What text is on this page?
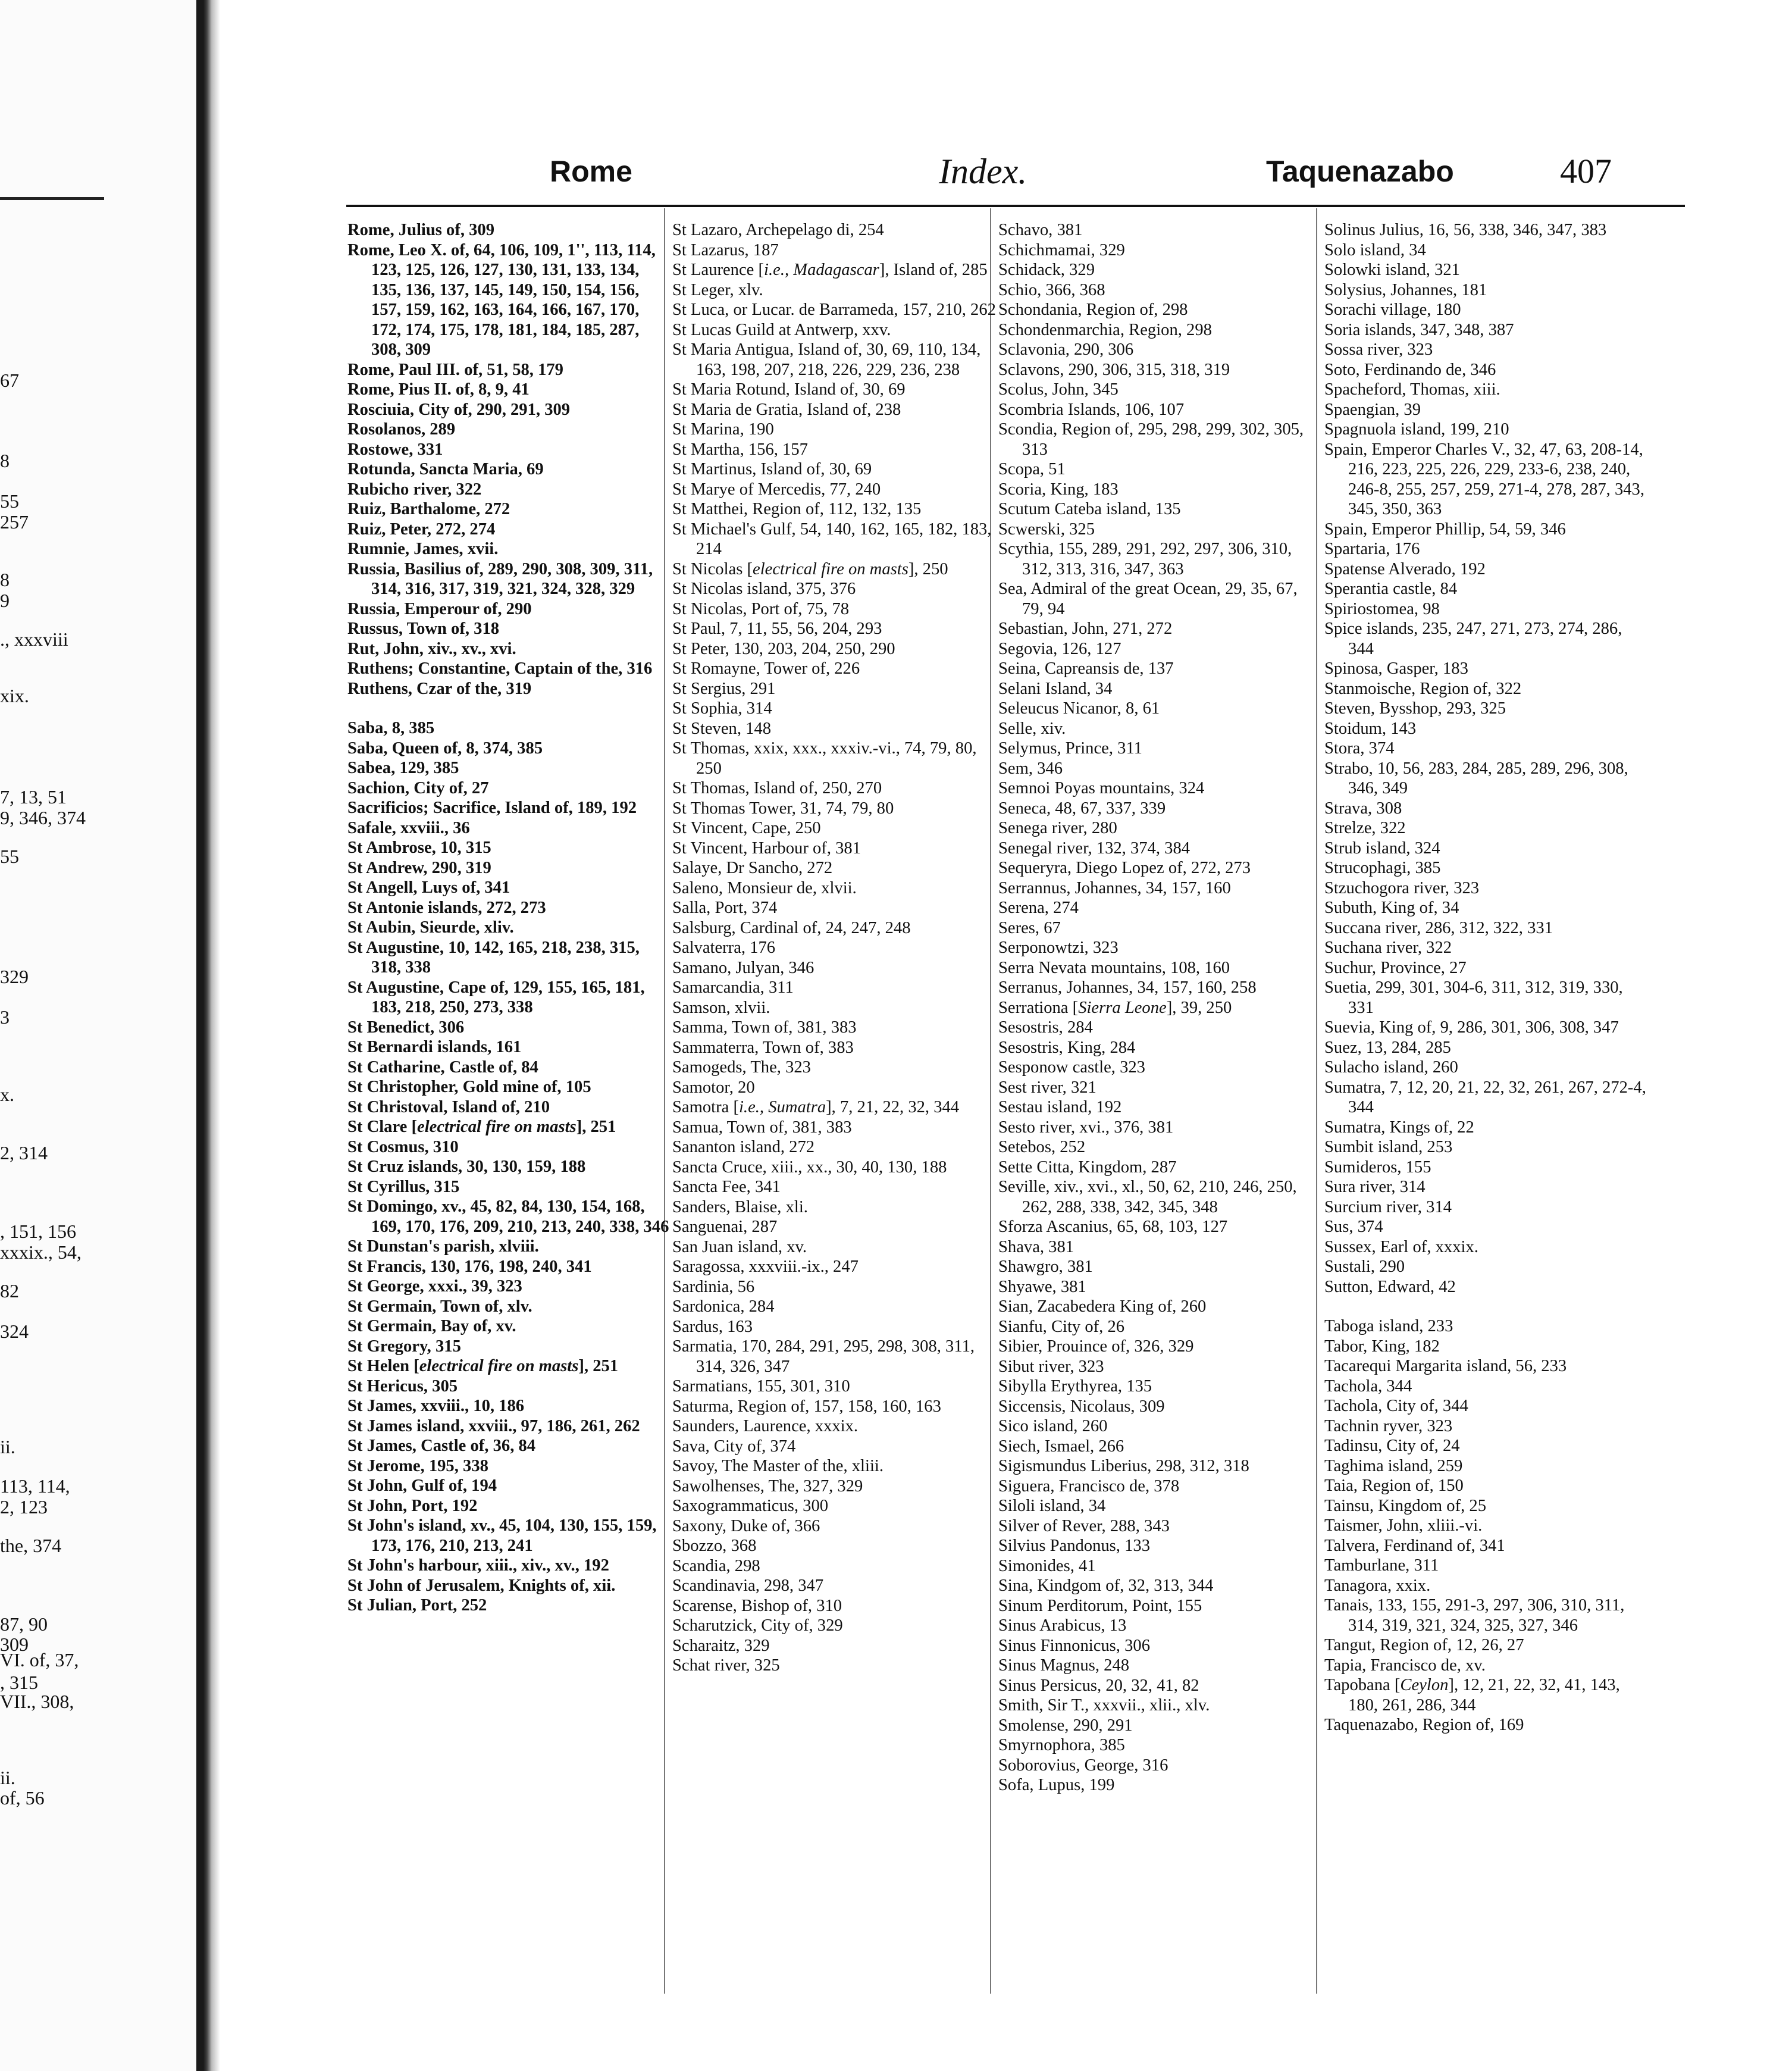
67
8
55
257
8
9
., xxxviii
xix.
7, 13, 51
9, 346, 374
55
329
3
x.
2, 314
, 151, 156
xxxix., 54,
82
324
ii.
113, 114,
2, 123
the, 374
87, 90
309
VI. of, 37,
, 315
VII., 308,
ii.
of, 56
Rome	Index.	Taquenazabo	407

Rome, Julius of, 309

Rome, Leo X. of, 64, 106, 109, 1'', 113, 114, 123, 125, 126, 127, 130, 131, 133, 134, 135, 136, 137, 145, 149, 150, 154, 156, 157, 159, 162, 163, 164, 166, 167, 170, 172, 174, 175, 178, 181, 184, 185, 287, 308, 309

Rome, Paul III. of, 51, 58, 179

Rome, Pius II. of, 8, 9, 41

Rosciuia, City of, 290, 291, 309

Rosolanos, 289

Rostowe, 331

Rotunda, Sancta Maria, 69

Rubicho river, 322

Ruiz, Barthalome, 272

Ruiz, Peter, 272, 274

Rumnie, James, xvii.

Russia, Basilius of, 289, 290, 308, 309, 311, 314, 316, 317, 319, 321, 324, 328, 329

Russia, Emperour of, 290

Russus, Town of, 318

Rut, John, xiv., xv., xvi.

Ruthens; Constantine, Captain of the, 316

Ruthens, Czar of the, 319

Saba, 8, 385

Saba, Queen of, 8, 374, 385

Sabea, 129, 385

Sachion, City of, 27

Sacrificios; Sacrifice, Island of, 189, 192

Safale, xxviii., 36

St Ambrose, 10, 315

St Andrew, 290, 319

St Angell, Luys of, 341

St Antonie islands, 272, 273

St Aubin, Sieurde, xliv.

St Augustine, 10, 142, 165, 218, 238, 315, 318, 338

St Augustine, Cape of, 129, 155, 165, 181, 183, 218, 250, 273, 338

St Benedict, 306

St Bernardi islands, 161

St Catharine, Castle of, 84

St Christopher, Gold mine of, 105

St Christoval, Island of, 210

St Clare [electrical fire on masts], 251

St Cosmus, 310

St Cruz islands, 30, 130, 159, 188

St Cyrillus, 315

St Domingo, xv., 45, 82, 84, 130, 154, 168, 169, 170, 176, 209, 210, 213, 240, 338, 346

St Dunstan's parish, xlviii.

St Francis, 130, 176, 198, 240, 341

St George, xxxi., 39, 323

St Germain, Town of, xlv.

St Germain, Bay of, xv.

St Gregory, 315

St Helen [electrical fire on masts], 251

St Hericus, 305

St James, xxviii., 10, 186

St James island, xxviii., 97, 186, 261, 262

St James, Castle of, 36, 84

St Jerome, 195, 338

St John, Gulf of, 194

St John, Port, 192

St John's island, xv., 45, 104, 130, 155, 159, 173, 176, 210, 213, 241

St John's harbour, xiii., xiv., xv., 192

St John of Jerusalem, Knights of, xii.

St Julian, Port, 252

St Lazaro, Archepelago di, 254

St Lazarus, 187

St Laurence [i.e., Madagascar], Island of, 285

St Leger, xlv.

St Luca, or Lucar. de Barrameda, 157, 210, 262

St Lucas Guild at Antwerp, xxv.

St Maria Antigua, Island of, 30, 69, 110, 134, 163, 198, 207, 218, 226, 229, 236, 238

St Maria Rotund, Island of, 30, 69

St Maria de Gratia, Island of, 238

St Marina, 190

St Martha, 156, 157

St Martinus, Island of, 30, 69

St Marye of Mercedis, 77, 240

St Matthei, Region of, 112, 132, 135

St Michael's Gulf, 54, 140, 162, 165, 182, 183, 214

St Nicolas [electrical fire on masts], 250

St Nicolas island, 375, 376

St Nicolas, Port of, 75, 78

St Paul, 7, 11, 55, 56, 204, 293

St Peter, 130, 203, 204, 250, 290

St Romayne, Tower of, 226

St Sergius, 291

St Sophia, 314

St Steven, 148

St Thomas, xxix, xxx., xxxiv.-vi., 74, 79, 80, 250

St Thomas, Island of, 250, 270

St Thomas Tower, 31, 74, 79, 80

St Vincent, Cape, 250

St Vincent, Harbour of, 381

Salaye, Dr Sancho, 272

Saleno, Monsieur de, xlvii.

Salla, Port, 374

Salsburg, Cardinal of, 24, 247, 248

Salvaterra, 176

Samano, Julyan, 346

Samarcandia, 311

Samson, xlvii.

Samma, Town of, 381, 383

Sammaterra, Town of, 383

Samogeds, The, 323

Samotor, 20

Samotra [i.e., Sumatra], 7, 21, 22, 32, 344

Samua, Town of, 381, 383

Sananton island, 272

Sancta Cruce, xiii., xx., 30, 40, 130, 188

Sancta Fee, 341

Sanders, Blaise, xli.

Sanguenai, 287

San Juan island, xv.

Saragossa, xxxviii.-ix., 247

Sardinia, 56

Sardonica, 284

Sardus, 163

Sarmatia, 170, 284, 291, 295, 298, 308, 311, 314, 326, 347

Sarmatians, 155, 301, 310

Saturma, Region of, 157, 158, 160, 163

Saunders, Laurence, xxxix.

Sava, City of, 374

Savoy, The Master of the, xliii.

Sawolhenses, The, 327, 329

Saxogrammaticus, 300

Saxony, Duke of, 366

Sbozzo, 368

Scandia, 298

Scandinavia, 298, 347

Scarense, Bishop of, 310

Scharutzick, City of, 329

Scharaitz, 329

Schat river, 325

Schavo, 381

Schichmamai, 329

Schidack, 329

Schio, 366, 368

Schondania, Region of, 298

Schondenmarchia, Region, 298

Sclavonia, 290, 306

Sclavons, 290, 306, 315, 318, 319

Scolus, John, 345

Scombria Islands, 106, 107

Scondia, Region of, 295, 298, 299, 302, 305, 313

Scopa, 51

Scoria, King, 183

Scutum Cateba island, 135

Scwerski, 325

Scythia, 155, 289, 291, 292, 297, 306, 310, 312, 313, 316, 347, 363

Sea, Admiral of the great Ocean, 29, 35, 67, 79, 94

Sebastian, John, 271, 272

Segovia, 126, 127

Seina, Capreansis de, 137

Selani Island, 34

Seleucus Nicanor, 8, 61

Selle, xiv.

Selymus, Prince, 311

Sem, 346

Semnoi Poyas mountains, 324

Seneca, 48, 67, 337, 339

Senega river, 280

Senegal river, 132, 374, 384

Sequeryra, Diego Lopez of, 272, 273

Serrannus, Johannes, 34, 157, 160

Serena, 274

Seres, 67

Serponowtzi, 323

Serra Nevata mountains, 108, 160

Serranus, Johannes, 34, 157, 160, 258

Serrationa [Sierra Leone], 39, 250

Sesostris, 284

Sesostris, King, 284

Sesponow castle, 323

Sest river, 321

Sestau island, 192

Sesto river, xvi., 376, 381

Setebos, 252

Sette Citta, Kingdom, 287

Seville, xiv., xvi., xl., 50, 62, 210, 246, 250, 262, 288, 338, 342, 345, 348

Sforza Ascanius, 65, 68, 103, 127

Shava, 381

Shawgro, 381

Shyawe, 381

Sian, Zacabedera King of, 260

Sianfu, City of, 26

Sibier, Prouince of, 326, 329

Sibut river, 323

Sibylla Erythyrea, 135

Siccensis, Nicolaus, 309

Sico island, 260

Siech, Ismael, 266

Sigismundus Liberius, 298, 312, 318

Siguera, Francisco de, 378

Siloli island, 34

Silver of Rever, 288, 343

Silvius Pandonus, 133

Simonides, 41

Sina, Kindgom of, 32, 313, 344

Sinum Perditorum, Point, 155

Sinus Arabicus, 13

Sinus Finnonicus, 306

Sinus Magnus, 248

Sinus Persicus, 20, 32, 41, 82

Smith, Sir T., xxxvii., xlii., xlv.

Smolense, 290, 291

Smyrnophora, 385

Soborovius, George, 316

Sofa, Lupus, 199

Solinus Julius, 16, 56, 338, 346, 347, 383

Solo island, 34

Solowki island, 321

Solysius, Johannes, 181

Sorachi village, 180

Soria islands, 347, 348, 387

Sossa river, 323

Soto, Ferdinando de, 346

Spacheford, Thomas, xiii.

Spaengian, 39

Spagnuola island, 199, 210

Spain, Emperor Charles V., 32, 47, 63, 208-14, 216, 223, 225, 226, 229, 233-6, 238, 240, 246-8, 255, 257, 259, 271-4, 278, 287, 343, 345, 350, 363

Spain, Emperor Phillip, 54, 59, 346

Spartaria, 176

Spatense Alverado, 192

Sperantia castle, 84

Spiriostomea, 98

Spice islands, 235, 247, 271, 273, 274, 286, 344

Spinosa, Gasper, 183

Stanmoische, Region of, 322

Steven, Bysshop, 293, 325

Stoidum, 143

Stora, 374

Strabo, 10, 56, 283, 284, 285, 289, 296, 308, 346, 349

Strava, 308

Strelze, 322

Strub island, 324

Strucophagi, 385

Stzuchogora river, 323

Subuth, King of, 34

Succana river, 286, 312, 322, 331

Suchana river, 322

Suchur, Province, 27

Suetia, 299, 301, 304-6, 311, 312, 319, 330, 331

Suevia, King of, 9, 286, 301, 306, 308, 347

Suez, 13, 284, 285

Sulacho island, 260

Sumatra, 7, 12, 20, 21, 22, 32, 261, 267, 272-4, 344

Sumatra, Kings of, 22

Sumbit island, 253

Sumideros, 155

Sura river, 314

Surcium river, 314

Sus, 374

Sussex, Earl of, xxxix.

Sustali, 290

Sutton, Edward, 42

Taboga island, 233

Tabor, King, 182

Tacarequi Margarita island, 56, 233

Tachola, 344

Tachola, City of, 344

Tachnin ryver, 323

Tadinsu, City of, 24

Taghima island, 259

Taia, Region of, 150

Tainsu, Kingdom of, 25

Taismer, John, xliii.-vi.

Talvera, Ferdinand of, 341

Tamburlane, 311

Tanagora, xxix.

Tanais, 133, 155, 291-3, 297, 306, 310, 311, 314, 319, 321, 324, 325, 327, 346

Tangut, Region of, 12, 26, 27

Tapia, Francisco de, xv.

Tapobana [Ceylon], 12, 21, 22, 32, 41, 143, 180, 261, 286, 344

Taquenazabo, Region of, 169
